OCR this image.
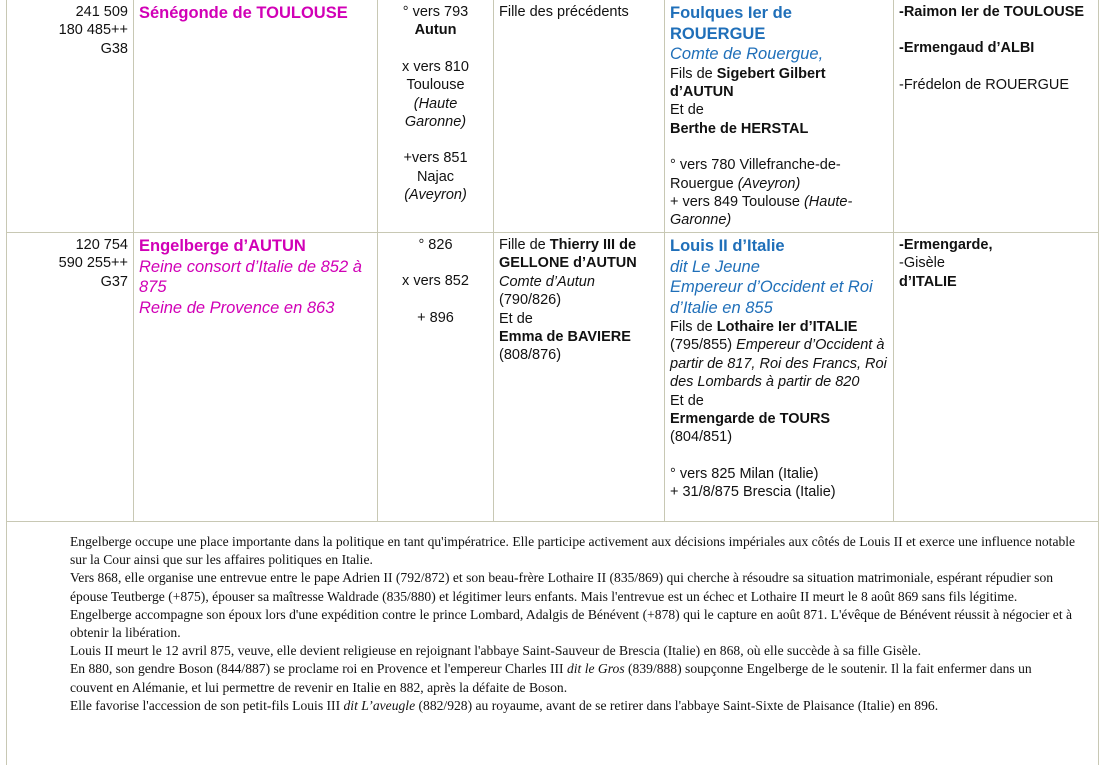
241 509
180 485++
G38
Sénégonde de TOULOUSE	° vers 793
Autun
x vers 810
Toulouse
(Haute Garonne)
+vers 851
Najac
(Aveyron)
Fille des précédents	Foulques Ier de ROUERGUE
Comte de Rouergue,
Fils de Sigebert Gilbert d’AUTUN
Et de
Berthe de HERSTAL
° vers 780 Villefranche-de-Rouergue (Aveyron)
+ vers 849 Toulouse (Haute-Garonne)
-Raimon Ier de TOULOUSE
-Ermengaud d’ALBI
-Frédelon de ROUERGUE
120 754
590 255++
G37
Engelberge d’AUTUN
Reine consort d’Italie de 852 à 875
Reine de Provence en 863
° 826
x vers 852
+ 896
Fille de Thierry III de GELLONE d’AUTUN
Comte d’Autun
(790/826)
Et de
Emma de BAVIERE
(808/876)
Louis II d’Italie
dit Le Jeune
Empereur d’Occident et Roi d’Italie en 855
Fils de Lothaire Ier d’ITALIE
(795/855) Empereur d’Occident à partir de 817, Roi des Francs, Roi des Lombards à partir de 820
Et de
Ermengarde de TOURS
(804/851)
° vers 825 Milan (Italie)
+ 31/8/875 Brescia (Italie)
-Ermengarde,
-Gisèle
d’ITALIE

Engelberge occupe une place importante dans la politique en tant qu'impératrice. Elle participe activement aux décisions impériales aux côtés de Louis II et exerce une influence notable sur la Cour ainsi que sur les affaires politiques en Italie.

Vers 868, elle organise une entrevue entre le pape Adrien II (792/872) et son beau-frère Lothaire II (835/869) qui cherche à résoudre sa situation matrimoniale, espérant répudier son épouse Teutberge (+875), épouser sa maîtresse Waldrade (835/880) et légitimer leurs enfants. Mais l'entrevue est un échec et Lothaire II meurt le 8 août 869 sans fils légitime.

Engelberge accompagne son époux lors d'une expédition contre le prince Lombard, Adalgis de Bénévent (+878) qui le capture en août 871. L'évêque de Bénévent réussit à négocier et à obtenir la libération.

Louis II meurt le 12 avril 875, veuve, elle devient religieuse en rejoignant l'abbaye Saint-Sauveur de Brescia (Italie) en 868, où elle succède à sa fille Gisèle.

En 880, son gendre Boson (844/887) se proclame roi en Provence et l'empereur Charles III dit le Gros (839/888) soupçonne Engelberge de le soutenir. Il la fait enfermer dans un couvent en Alémanie, et lui permettre de revenir en Italie en 882, après la défaite de Boson.

Elle favorise l'accession de son petit-fils Louis III dit L’aveugle (882/928) au royaume, avant de se retirer dans l'abbaye Saint-Sixte de Plaisance (Italie) en 896.
